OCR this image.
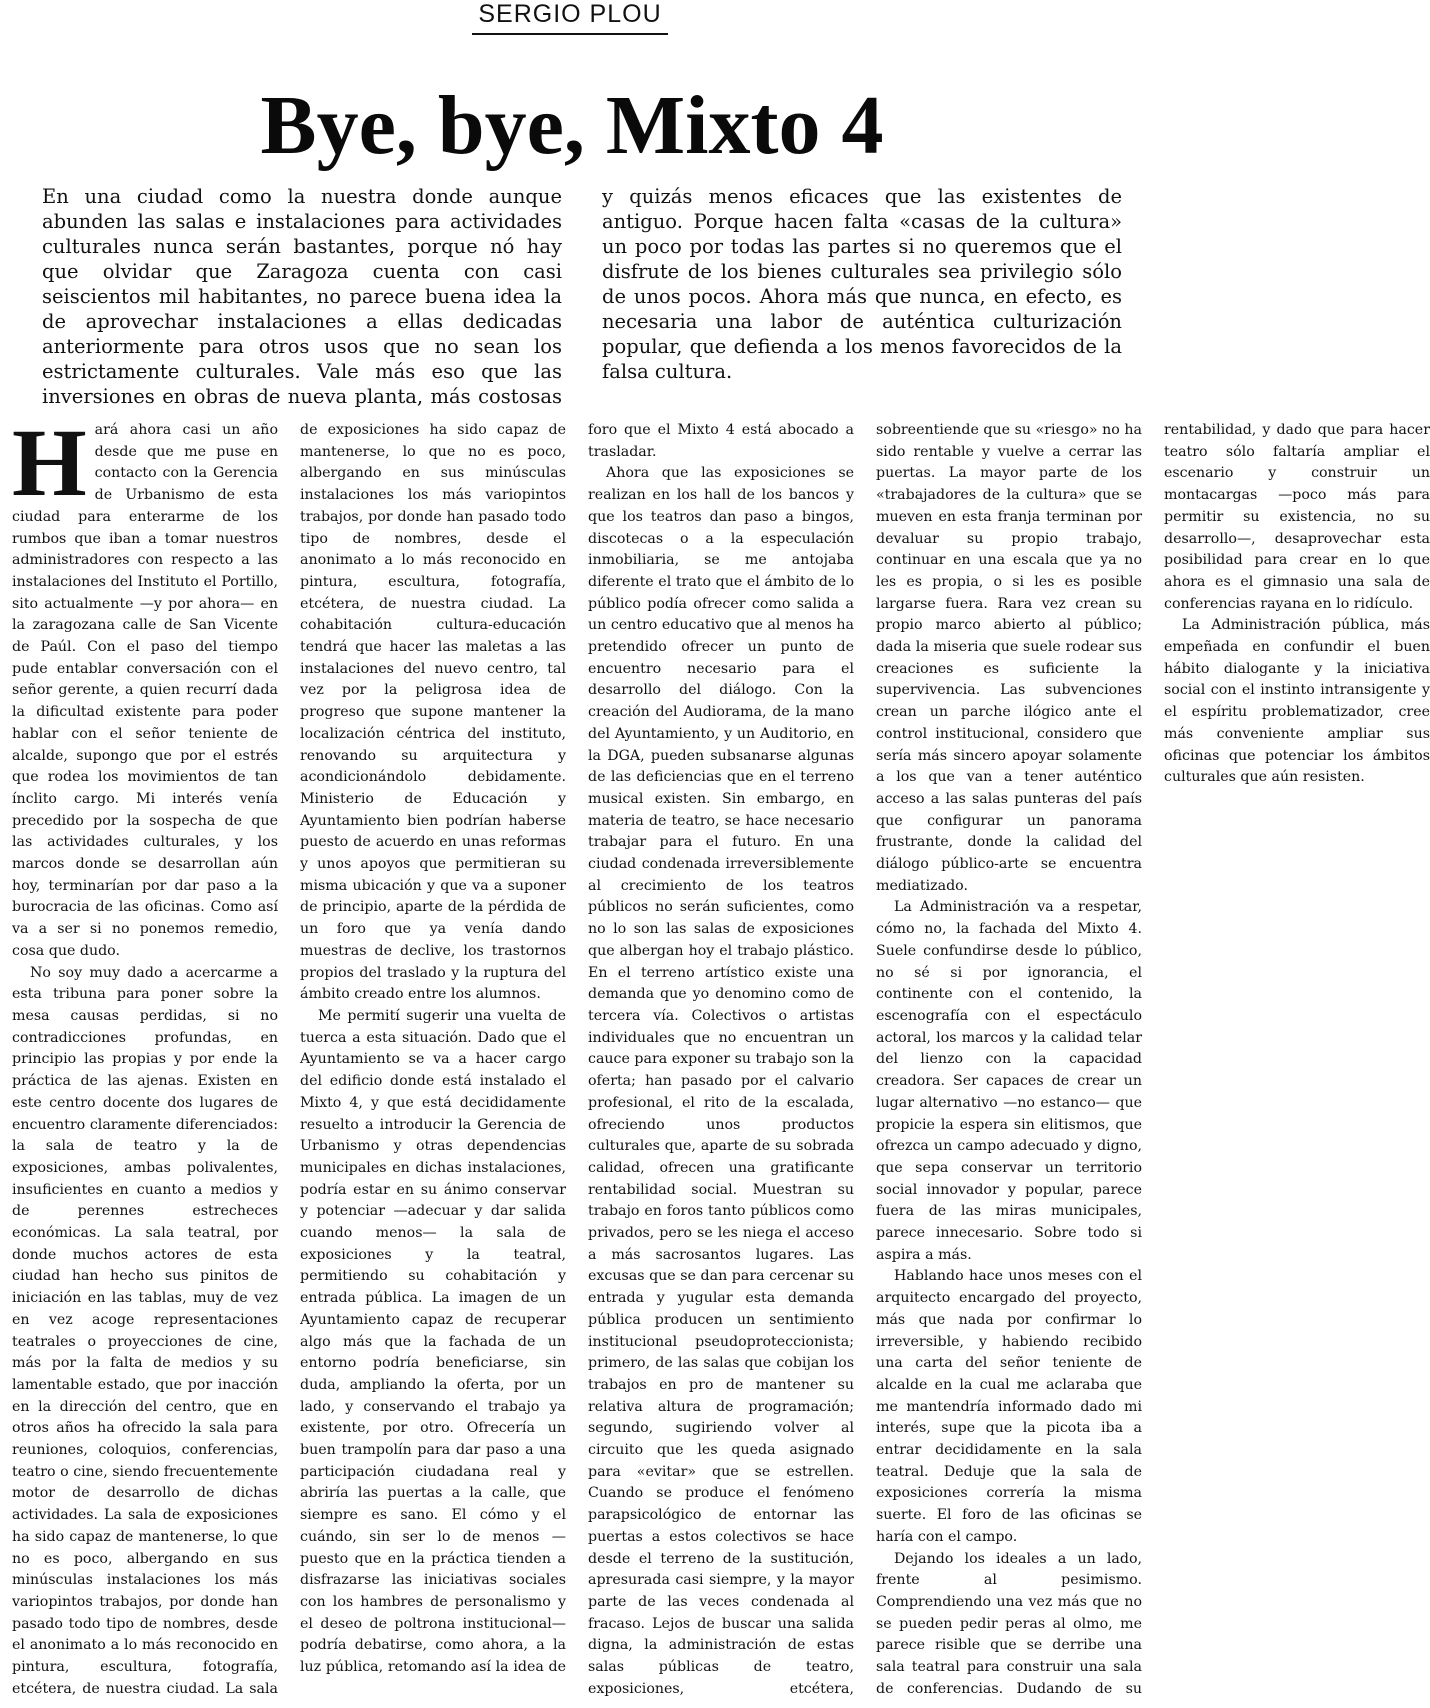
SERGIO PLOU
Bye, bye, Mixto 4

En una ciudad como la nuestra donde aunque abunden las salas e instalaciones para actividades culturales nunca serán bastantes, porque nó hay que olvidar que Zaragoza cuenta con casi seiscientos mil habitantes, no parece buena idea la de aprovechar instalaciones a ellas dedicadas anteriormente para otros usos que no sean los estrictamente culturales. Vale más eso que las inversiones en obras de nueva planta, más costosas y quizás menos eficaces que las existentes de antiguo. Porque hacen falta «casas de la cultura» un poco por todas las partes si no queremos que el disfrute de los bienes culturales sea privilegio sólo de unos pocos. Ahora más que nunca, en efecto, es necesaria una labor de auténtica culturización popular, que defienda a los menos favorecidos de la falsa cultura.

Hará ahora casi un año desde que me puse en contacto con la Gerencia de Urbanismo de esta ciudad para enterarme de los rumbos que iban a tomar nuestros administradores con respecto a las instalaciones del Instituto el Portillo, sito actualmente —y por ahora— en la zaragozana calle de San Vicente de Paúl. Con el paso del tiempo pude entablar conversación con el señor gerente, a quien recurrí dada la dificultad existente para poder hablar con el señor teniente de alcalde, supongo que por el estrés que rodea los movimientos de tan ínclito cargo. Mi interés venía precedido por la sospecha de que las actividades culturales, y los marcos donde se desarrollan aún hoy, terminarían por dar paso a la burocracia de las oficinas. Como así va a ser si no ponemos remedio, cosa que dudo.

No soy muy dado a acercarme a esta tribuna para poner sobre la mesa causas perdidas, si no contradicciones profundas, en principio las propias y por ende la práctica de las ajenas. Existen en este centro docente dos lugares de encuentro claramente diferenciados: la sala de teatro y la de exposiciones, ambas polivalentes, insuficientes en cuanto a medios y de perennes estrecheces económicas. La sala teatral, por donde muchos actores de esta ciudad han hecho sus pinitos de iniciación en las tablas, muy de vez en vez acoge representaciones teatrales o proyecciones de cine, más por la falta de medios y su lamentable estado, que por inacción en la dirección del centro, que en otros años ha ofrecido la sala para reuniones, coloquios, conferencias, teatro o cine, siendo frecuentemente motor de desarrollo de dichas actividades. La sala de exposiciones ha sido capaz de mantenerse, lo que no es poco, albergando en sus minúsculas instalaciones los más variopintos trabajos, por donde han pasado todo tipo de nombres, desde el anonimato a lo más reconocido en pintura, escultura, fotografía, etcétera, de nuestra ciudad. La sala de exposiciones ha sido capaz de mantenerse, lo que no es poco, albergando en sus minúsculas instalaciones los más variopintos trabajos, por donde han pasado todo tipo de nombres, desde el anonimato a lo más reconocido en pintura, escultura, fotografía, etcétera, de nuestra ciudad. La cohabitación cultura-educación tendrá que hacer las maletas a las instalaciones del nuevo centro, tal vez por la peligrosa idea de progreso que supone mantener la localización céntrica del instituto, renovando su arquitectura y acondicionándolo debidamente. Ministerio de Educación y Ayuntamiento bien podrían haberse puesto de acuerdo en unas reformas y unos apoyos que permitieran su misma ubicación y que va a suponer de principio, aparte de la pérdida de un foro que ya venía dando muestras de declive, los trastornos propios del traslado y la ruptura del ámbito creado entre los alumnos.

Me permití sugerir una vuelta de tuerca a esta situación. Dado que el Ayuntamiento se va a hacer cargo del edificio donde está instalado el Mixto 4, y que está decididamente resuelto a introducir la Gerencia de Urbanismo y otras dependencias municipales en dichas instalaciones, podría estar en su ánimo conservar y potenciar —adecuar y dar salida cuando menos— la sala de exposiciones y la teatral, permitiendo su cohabitación y entrada pública. La imagen de un Ayuntamiento capaz de recuperar algo más que la fachada de un entorno podría beneficiarse, sin duda, ampliando la oferta, por un lado, y conservando el trabajo ya existente, por otro. Ofrecería un buen trampolín para dar paso a una participación ciudadana real y abriría las puertas a la calle, que siempre es sano. El cómo y el cuándo, sin ser lo de menos —puesto que en la práctica tienden a disfrazarse las iniciativas sociales con los hambres de personalismo y el deseo de poltrona institucional— podría debatirse, como ahora, a la luz pública, retomando así la idea de foro que el Mixto 4 está abocado a trasladar.

Ahora que las exposiciones se realizan en los hall de los bancos y que los teatros dan paso a bingos, discotecas o a la especulación inmobiliaria, se me antojaba diferente el trato que el ámbito de lo público podía ofrecer como salida a un centro educativo que al menos ha pretendido ofrecer un punto de encuentro necesario para el desarrollo del diálogo. Con la creación del Audiorama, de la mano del Ayuntamiento, y un Auditorio, en la DGA, pueden subsanarse algunas de las deficiencias que en el terreno musical existen. Sin embargo, en materia de teatro, se hace necesario trabajar para el futuro. En una ciudad condenada irreversiblemente al crecimiento de los teatros públicos no serán suficientes, como no lo son las salas de exposiciones que albergan hoy el trabajo plástico. En el terreno artístico existe una demanda que yo denomino como de tercera vía. Colectivos o artistas individuales que no encuentran un cauce para exponer su trabajo son la oferta; han pasado por el calvario profesional, el rito de la escalada, ofreciendo unos productos culturales que, aparte de su sobrada calidad, ofrecen una gratificante rentabilidad social. Muestran su trabajo en foros tanto públicos como privados, pero se les niega el acceso a más sacrosantos lugares. Las excusas que se dan para cercenar su entrada y yugular esta demanda pública producen un sentimiento institucional pseudoproteccionista; primero, de las salas que cobijan los trabajos en pro de mantener su relativa altura de programación; segundo, sugiriendo volver al circuito que les queda asignado para «evitar» que se estrellen. Cuando se produce el fenómeno parapsicológico de entornar las puertas a estos colectivos se hace desde el terreno de la sustitución, apresurada casi siempre, y la mayor parte de las veces condenada al fracaso. Lejos de buscar una salida digna, la administración de estas salas públicas de teatro, exposiciones, etcétera, sobreentiende que su «riesgo» no ha sido rentable y vuelve a cerrar las puertas. La mayor parte de los «trabajadores de la cultura» que se mueven en esta franja terminan por devaluar su propio trabajo, continuar en una escala que ya no les es propia, o si les es posible largarse fuera. Rara vez crean su propio marco abierto al público; dada la miseria que suele rodear sus creaciones es suficiente la supervivencia. Las subvenciones crean un parche ilógico ante el control institucional, considero que sería más sincero apoyar solamente a los que van a tener auténtico acceso a las salas punteras del país que configurar un panorama frustrante, donde la calidad del diálogo público-arte se encuentra mediatizado.

La Administración va a respetar, cómo no, la fachada del Mixto 4. Suele confundirse desde lo público, no sé si por ignorancia, el continente con el contenido, la escenografía con el espectáculo actoral, los marcos y la calidad telar del lienzo con la capacidad creadora. Ser capaces de crear un lugar alternativo —no estanco— que propicie la espera sin elitismos, que ofrezca un campo adecuado y digno, que sepa conservar un territorio social innovador y popular, parece fuera de las miras municipales, parece innecesario. Sobre todo si aspira a más.

Hablando hace unos meses con el arquitecto encargado del proyecto, más que nada por confirmar lo irreversible, y habiendo recibido una carta del señor teniente de alcalde en la cual me aclaraba que me mantendría informado dado mi interés, supe que la picota iba a entrar decididamente en la sala teatral. Deduje que la sala de exposiciones correría la misma suerte. El foro de las oficinas se haría con el campo.

Dejando los ideales a un lado, frente al pesimismo. Comprendiendo una vez más que no se pueden pedir peras al olmo, me parece risible que se derribe una sala teatral para construir una sala de conferencias. Dudando de su rentabilidad, y dado que para hacer teatro sólo faltaría ampliar el escenario y construir un montacargas —poco más para permitir su existencia, no su desarrollo—, desaprovechar esta posibilidad para crear en lo que ahora es el gimnasio una sala de conferencias rayana en lo ridículo.

La Administración pública, más empeñada en confundir el buen hábito dialogante y la iniciativa social con el instinto intransigente y el espíritu problematizador, cree más conveniente ampliar sus oficinas que potenciar los ámbitos culturales que aún resisten.
